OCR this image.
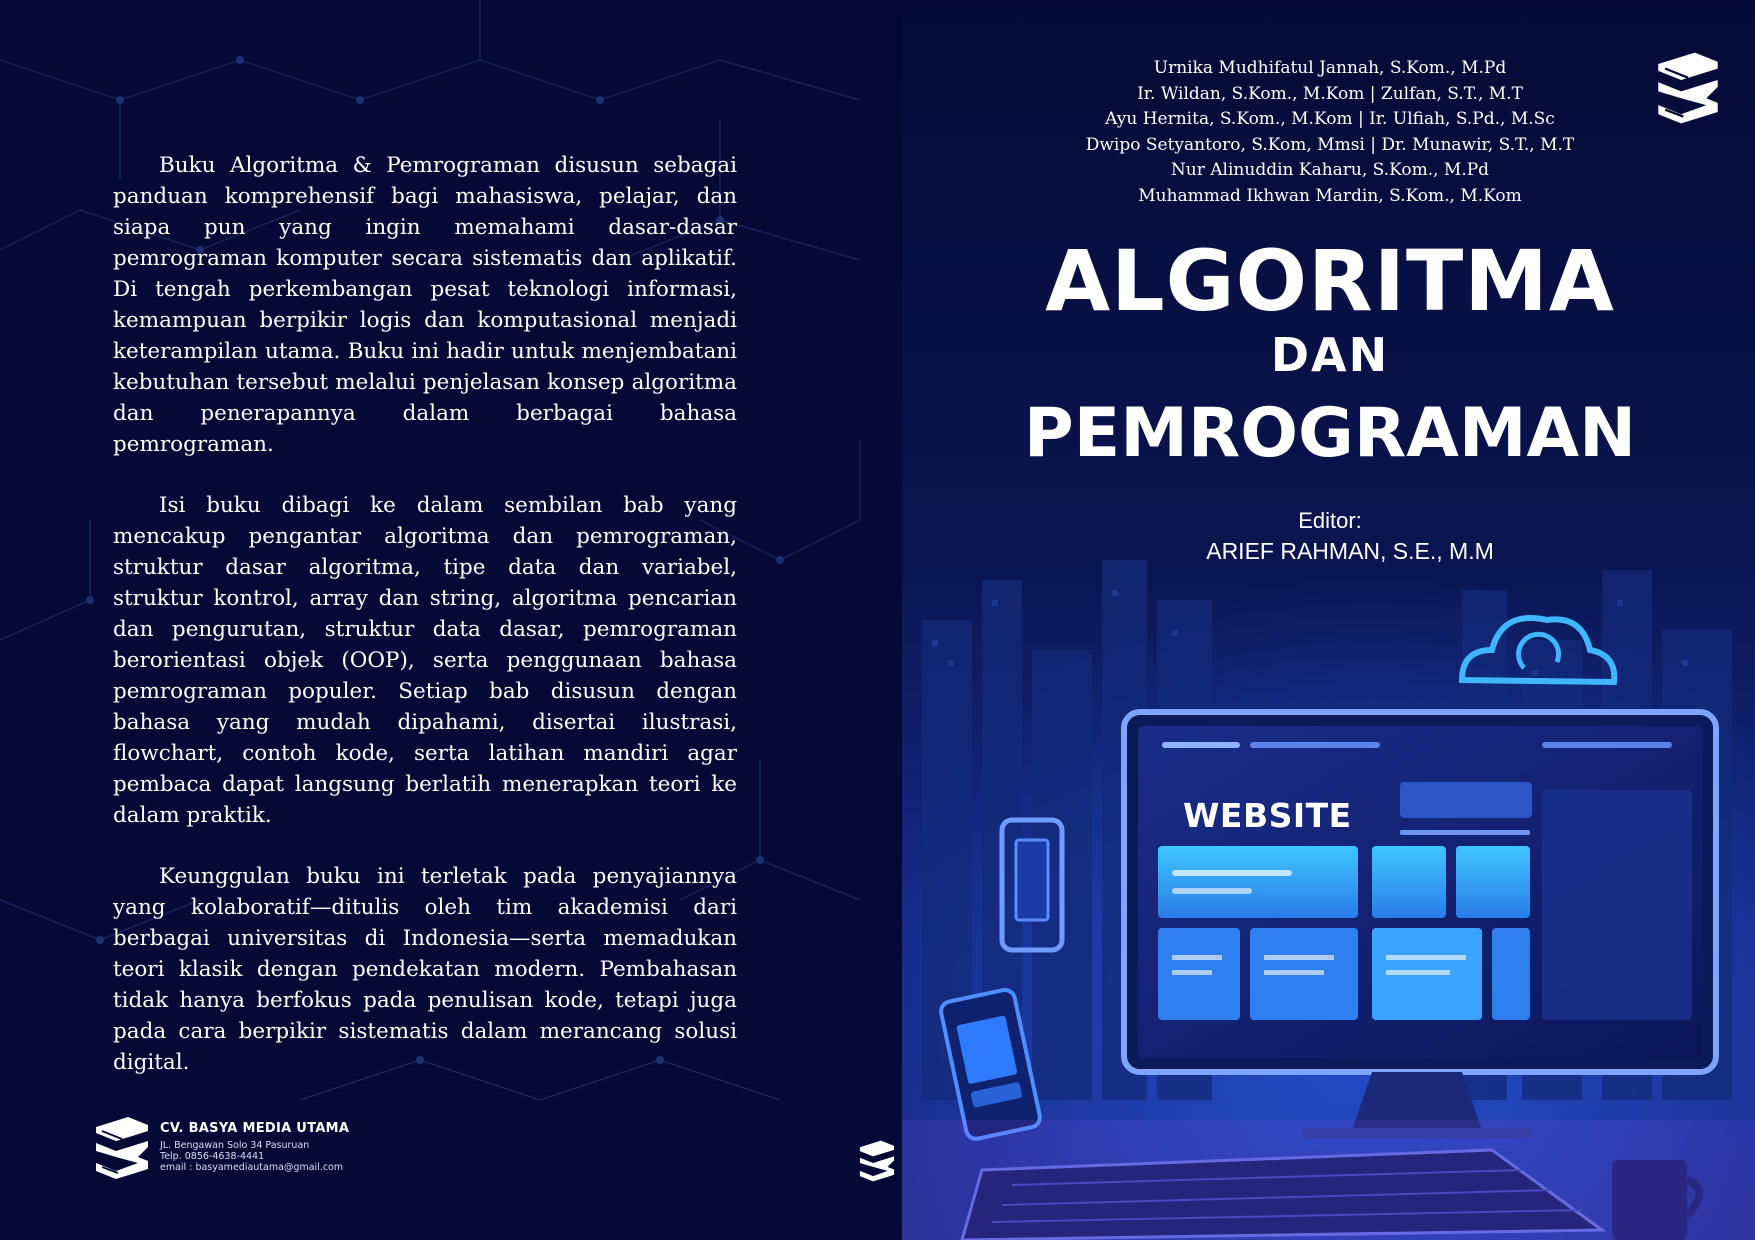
Buku Algoritma & Pemrograman disusun sebagai panduan komprehensif bagi mahasiswa, pelajar, dan siapa pun yang ingin memahami dasar-dasar pemrograman komputer secara sistematis dan aplikatif. Di tengah perkembangan pesat teknologi informasi, kemampuan berpikir logis dan komputasional menjadi keterampilan utama. Buku ini hadir untuk menjembatani kebutuhan tersebut melalui penjelasan konsep algoritma dan penerapannya dalam berbagai bahasa pemrograman.

Isi buku dibagi ke dalam sembilan bab yang mencakup pengantar algoritma dan pemrograman, struktur dasar algoritma, tipe data dan variabel, struktur kontrol, array dan string, algoritma pencarian dan pengurutan, struktur data dasar, pemrograman berorientasi objek (OOP), serta penggunaan bahasa pemrograman populer. Setiap bab disusun dengan bahasa yang mudah dipahami, disertai ilustrasi, flowchart, contoh kode, serta latihan mandiri agar pembaca dapat langsung berlatih menerapkan teori ke dalam praktik.

Keunggulan buku ini terletak pada penyajiannya yang kolaboratif—ditulis oleh tim akademisi dari berbagai universitas di Indonesia—serta memadukan teori klasik dengan pendekatan modern. Pembahasan tidak hanya berfokus pada penulisan kode, tetapi juga pada cara berpikir sistematis dalam merancang solusi digital.

CV. BASYA MEDIA UTAMA
JL. Bengawan Solo 34 Pasuruan
Telp. 0856-4638-4441
email : basyamediautama@gmail.com
WEBSITE
Urnika Mudhifatul Jannah, S.Kom., M.Pd
Ir. Wildan, S.Kom., M.Kom | Zulfan, S.T., M.T
Ayu Hernita, S.Kom., M.Kom | Ir. Ulfiah, S.Pd., M.Sc
Dwipo Setyantoro, S.Kom, Mmsi | Dr. Munawir, S.T., M.T
Nur Alinuddin Kaharu, S.Kom., M.Pd
Muhammad Ikhwan Mardin, S.Kom., M.Kom
ALGORITMA
DAN
PEMROGRAMAN
Editor:
ARIEF RAHMAN, S.E., M.M
